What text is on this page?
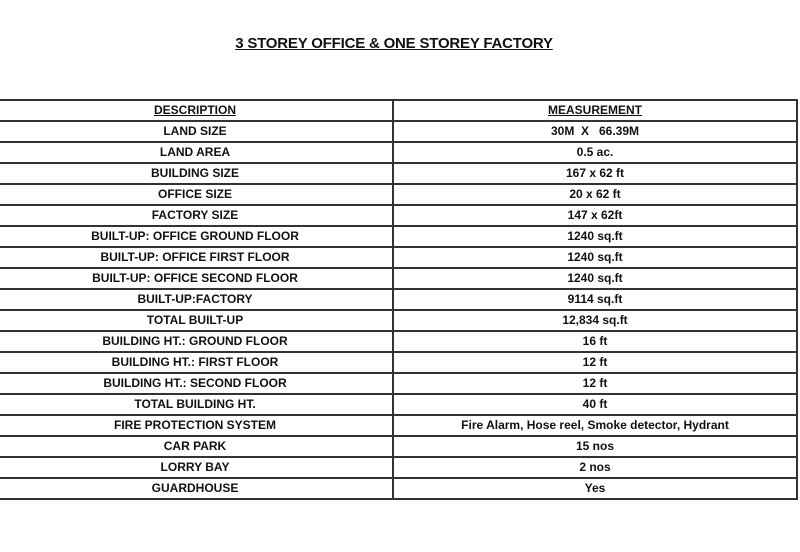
3 STOREY OFFICE & ONE STOREY FACTORY
DESCRIPTION	MEASUREMENT
LAND SIZE	30M  X   66.39M
LAND AREA	0.5 ac.
BUILDING SIZE	167 x 62 ft
OFFICE SIZE	20 x 62 ft
FACTORY SIZE	147 x 62ft
BUILT-UP: OFFICE GROUND FLOOR	1240 sq.ft
BUILT-UP: OFFICE FIRST FLOOR	1240 sq.ft
BUILT-UP: OFFICE SECOND FLOOR	1240 sq.ft
BUILT-UP:FACTORY	9114 sq.ft
TOTAL BUILT-UP	12,834 sq.ft
BUILDING HT.: GROUND FLOOR	16 ft
BUILDING HT.: FIRST FLOOR	12 ft
BUILDING HT.: SECOND FLOOR	12 ft
TOTAL BUILDING HT.	40 ft
FIRE PROTECTION SYSTEM	Fire Alarm, Hose reel, Smoke detector, Hydrant
CAR PARK	15 nos
LORRY BAY	2 nos
GUARDHOUSE	Yes
